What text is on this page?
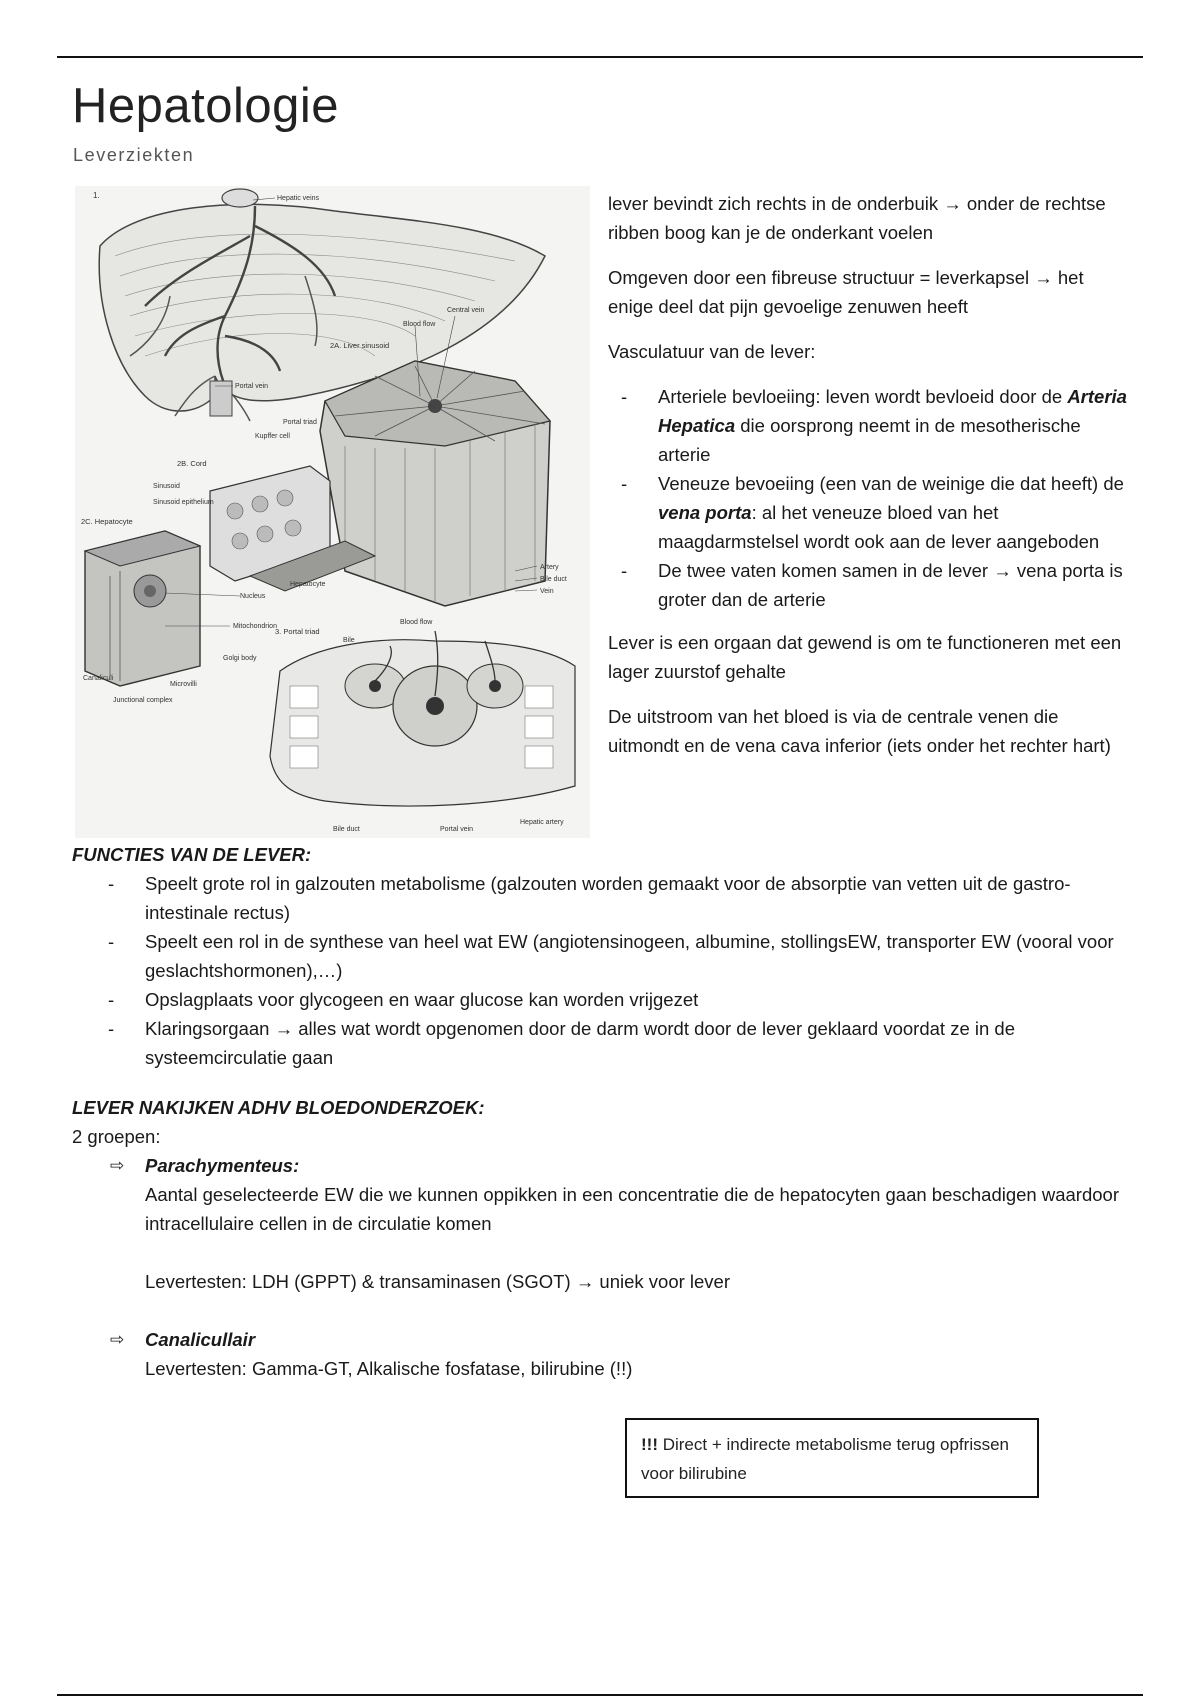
Hepatologie
Leverziekten
1.	Hepatic veins
Portal vein
2A. Liver sinusoid
Blood flow
Central vein
Portal triad
Kupffer cell
2B. Cord
Sinusoid
Sinusoid epithelium
2C. Hepatocyte
Hepatocyte
Nucleus
Mitochondrion
Golgi body
Canaliculi
Microvilli
Junctional complex
Artery
Bile duct
Vein
3. Portal triad
Bile
Blood flow
Bile duct	Portal vein
Hepatic artery

lever bevindt zich rechts in de onderbuik → onder de rechtse ribben boog kan je de onderkant voelen

Omgeven door een fibreuse structuur = leverkapsel → het enige deel dat pijn gevoelige zenuwen heeft

Vasculatuur van de lever:

- Arteriele bevloeiing: leven wordt bevloeid door de Arteria Hepatica die oorsprong neemt in de mesotherische arterie
- Veneuze bevoeiing (een van de weinige die dat heeft) de vena porta: al het veneuze bloed van het maagdarmstelsel wordt ook aan de lever aangeboden
- De twee vaten komen samen in de lever → vena porta is groter dan de arterie

Lever is een orgaan dat gewend is om te functioneren met een lager zuurstof gehalte

De uitstroom van het bloed is via de centrale venen die uitmondt en de vena cava inferior (iets onder het rechter hart)

FUNCTIES VAN DE LEVER:
- Speelt grote rol in galzouten metabolisme (galzouten worden gemaakt voor de absorptie van vetten uit de gastro-intestinale rectus)
- Speelt een rol in de synthese van heel wat EW (angiotensinogeen, albumine, stollingsEW, transporter EW (vooral voor geslachtshormonen),…)
- Opslagplaats voor glycogeen en waar glucose kan worden vrijgezet
- Klaringsorgaan → alles wat wordt opgenomen door de darm wordt door de lever geklaard voordat ze in de systeemcirculatie gaan
LEVER NAKIJKEN ADHV BLOEDONDERZOEK:
2 groepen:
⇨ Parachymenteus:
Aantal geselecteerde EW die we kunnen oppikken in een concentratie die de hepatocyten gaan beschadigen waardoor intracellulaire cellen in de circulatie komen
Levertesten: LDH (GPPT) & transaminasen (SGOT) → uniek voor lever
⇨ Canalicullair
Levertesten: Gamma-GT, Alkalische fosfatase, bilirubine (!!)
!!! Direct + indirecte metabolisme terug opfrissen voor bilirubine
